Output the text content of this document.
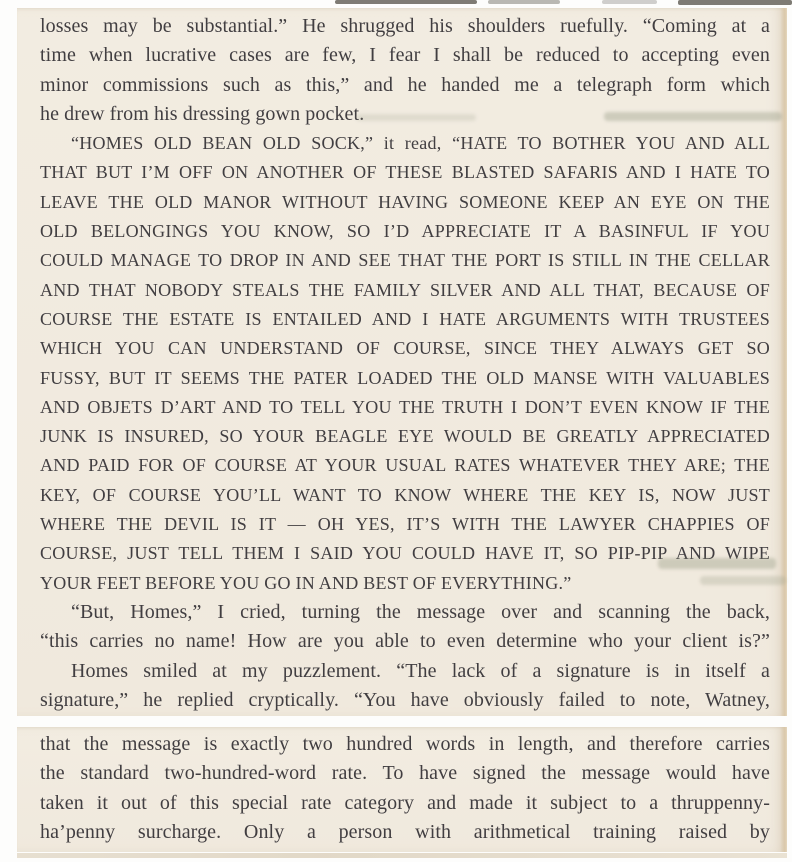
losses may be substantial.” He shrugged his shoulders ruefully. “Coming at a
time when lucrative cases are few, I fear I shall be reduced to accepting even
minor commissions such as this,” and he handed me a telegraph form which
he drew from his dressing gown pocket.
“HOMES OLD BEAN OLD SOCK,” it read, “HATE TO BOTHER YOU AND ALL
THAT BUT I’M OFF ON ANOTHER OF THESE BLASTED SAFARIS AND I HATE TO
LEAVE THE OLD MANOR WITHOUT HAVING SOMEONE KEEP AN EYE ON THE
OLD BELONGINGS YOU KNOW, SO I’D APPRECIATE IT A BASINFUL IF YOU
COULD MANAGE TO DROP IN AND SEE THAT THE PORT IS STILL IN THE CELLAR
AND THAT NOBODY STEALS THE FAMILY SILVER AND ALL THAT, BECAUSE OF
COURSE THE ESTATE IS ENTAILED AND I HATE ARGUMENTS WITH TRUSTEES
WHICH YOU CAN UNDERSTAND OF COURSE, SINCE THEY ALWAYS GET SO
FUSSY, BUT IT SEEMS THE PATER LOADED THE OLD MANSE WITH VALUABLES
AND OBJETS D’ART AND TO TELL YOU THE TRUTH I DON’T EVEN KNOW IF THE
JUNK IS INSURED, SO YOUR BEAGLE EYE WOULD BE GREATLY APPRECIATED
AND PAID FOR OF COURSE AT YOUR USUAL RATES WHATEVER THEY ARE; THE
KEY, OF COURSE YOU’LL WANT TO KNOW WHERE THE KEY IS, NOW JUST
WHERE THE DEVIL IS IT — OH YES, IT’S WITH THE LAWYER CHAPPIES OF
COURSE, JUST TELL THEM I SAID YOU COULD HAVE IT, SO PIP-PIP AND WIPE
YOUR FEET BEFORE YOU GO IN AND BEST OF EVERYTHING.”
“But, Homes,” I cried, turning the message over and scanning the back,
“this carries no name! How are you able to even determine who your client is?”
Homes smiled at my puzzlement. “The lack of a signature is in itself a
signature,” he replied cryptically. “You have obviously failed to note, Watney,
that the message is exactly two hundred words in length, and therefore carries
the standard two-hundred-word rate. To have signed the message would have
taken it out of this special rate category and made it subject to a thruppenny-
ha’penny surcharge. Only a person with arithmetical training raised by
